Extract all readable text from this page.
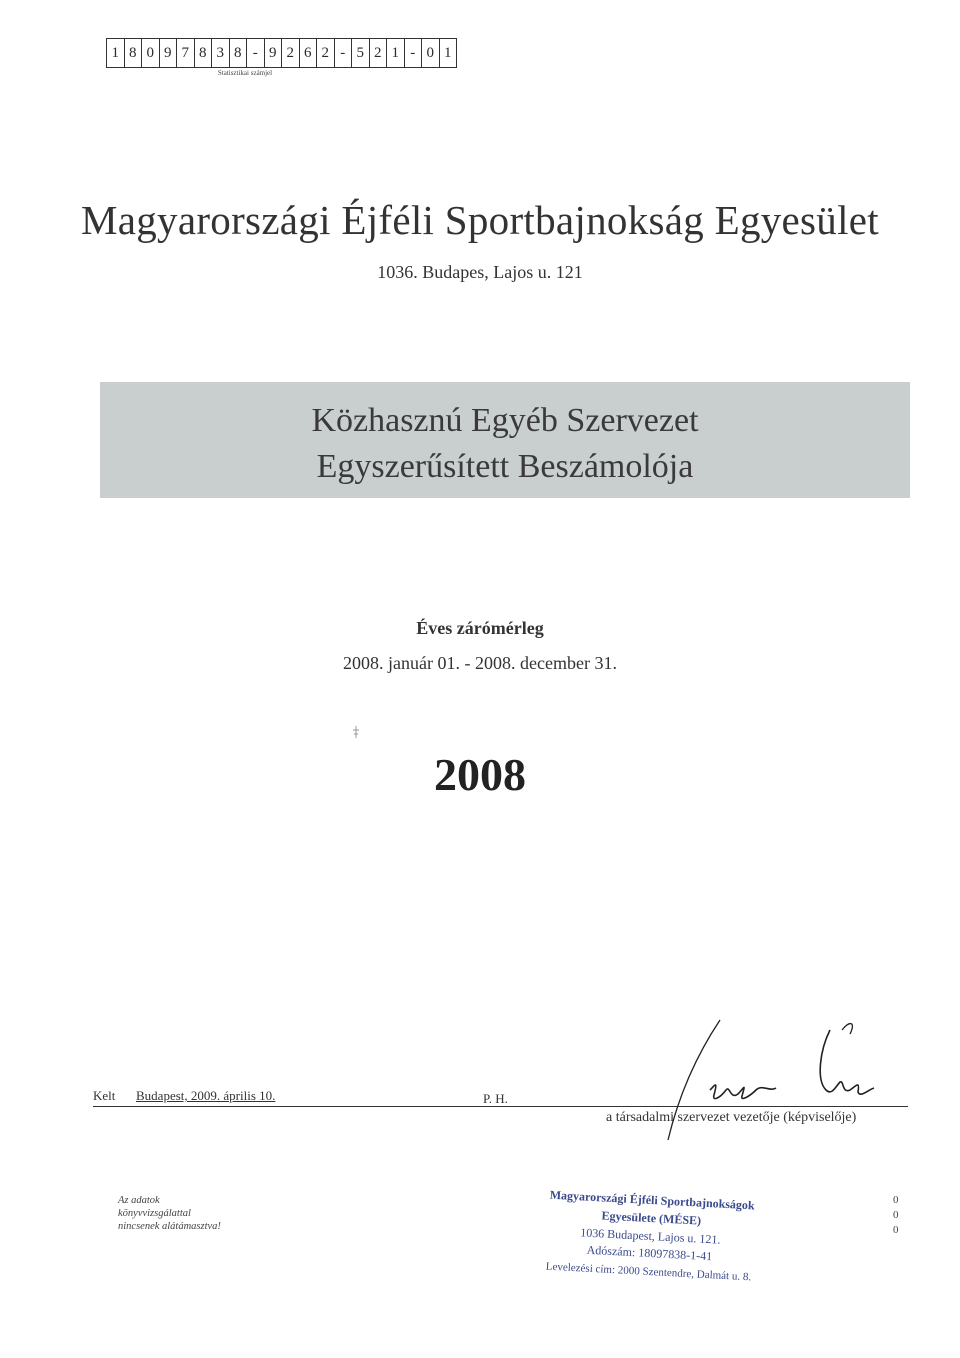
1 8 0 9 7 8 3 8 - 9 2 6 2 - 5 2 1 - 0 1
Statisztikai számjel
Magyarországi Éjféli Sportbajnokság Egyesület
1036. Budapes, Lajos u. 121
Közhasznú Egyéb Szervezet
Egyszerűsített Beszámolója
Éves zárómérleg
2008. január 01. - 2008. december 31.
2008
Kelt Budapest, 2009. április 10.	P. H.
a társadalmi szervezet vezetője (képviselője)
Az adatok
könyvvizsgálattal
nincsenek alátámasztva!
Magyarországi Éjféli Sportbajnokságok
Egyesülete (MÉSE)
1036 Budapest, Lajos u. 121.
Adószám: 18097838-1-41
Levelezési cím: 2000 Szentendre, Dalmát u. 8.
0
0
0
